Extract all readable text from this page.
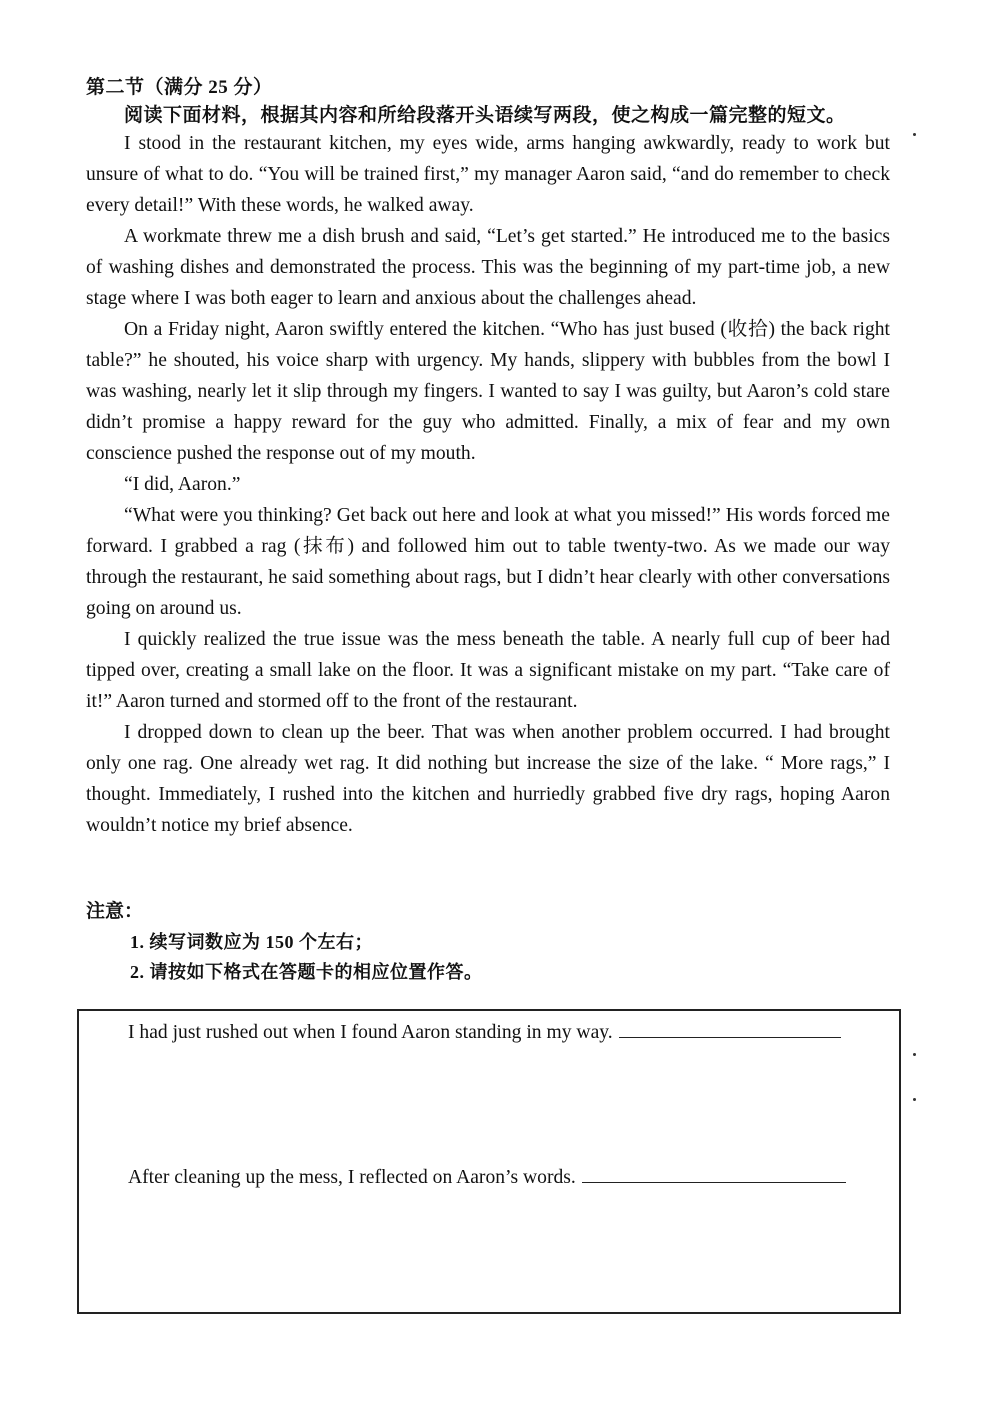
第二节（满分 25 分）
阅读下面材料，根据其内容和所给段落开头语续写两段，使之构成一篇完整的短文。

I stood in the restaurant kitchen, my eyes wide, arms hanging awkwardly, ready to work but unsure of what to do. “You will be trained first,” my manager Aaron said, “and do remember to check every detail!” With these words, he walked away.

A workmate threw me a dish brush and said, “Let’s get started.” He introduced me to the basics of washing dishes and demonstrated the process. This was the beginning of my part-time job, a new stage where I was both eager to learn and anxious about the challenges ahead.

On a Friday night, Aaron swiftly entered the kitchen. “Who has just bused (收拾) the back right table?” he shouted, his voice sharp with urgency. My hands, slippery with bubbles from the bowl I was washing, nearly let it slip through my fingers. I wanted to say I was guilty, but Aaron’s cold stare didn’t promise a happy reward for the guy who admitted. Finally, a mix of fear and my own conscience pushed the response out of my mouth.

“I did, Aaron.”

“What were you thinking? Get back out here and look at what you missed!” His words forced me forward. I grabbed a rag (抹布) and followed him out to table twenty-two. As we made our way through the restaurant, he said something about rags, but I didn’t hear clearly with other conversations going on around us.

I quickly realized the true issue was the mess beneath the table. A nearly full cup of beer had tipped over, creating a small lake on the floor. It was a significant mistake on my part. “Take care of it!” Aaron turned and stormed off to the front of the restaurant.

I dropped down to clean up the beer. That was when another problem occurred. I had brought only one rag. One already wet rag. It did nothing but increase the size of the lake. “ More rags,” I thought. Immediately, I rushed into the kitchen and hurriedly grabbed five dry rags, hoping Aaron wouldn’t notice my brief absence.

注意：
1. 续写词数应为 150 个左右；
2. 请按如下格式在答题卡的相应位置作答。
I had just rushed out when I found Aaron standing in my way.
After cleaning up the mess, I reflected on Aaron’s words.
